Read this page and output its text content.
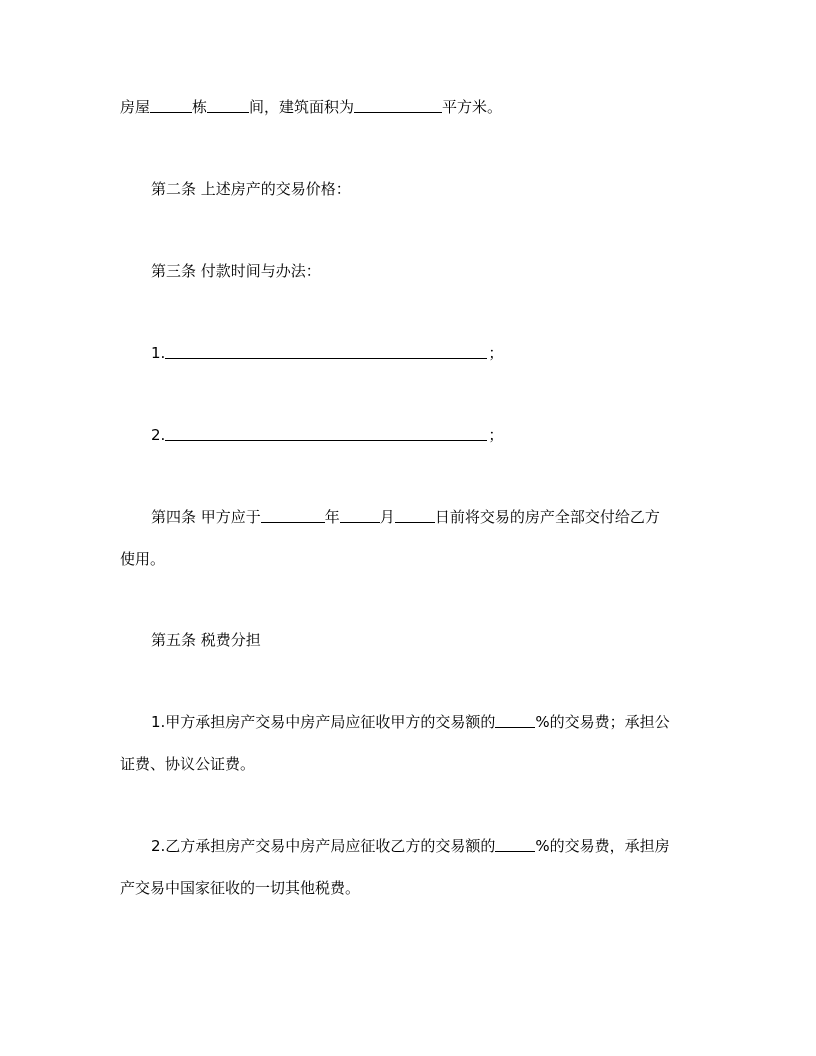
房屋	栋	间，建筑面积为	平方米。
第二条 上述房产的交易价格：
第三条 付款时间与办法：
1.	；
2.	；
第四条 甲方应于	年	月	日前将交易的房产全部交付给乙方
使用。
第五条 税费分担
1.甲方承担房产交易中房产局应征收甲方的交易额的	%的交易费；承担公
证费、协议公证费。
2.乙方承担房产交易中房产局应征收乙方的交易额的	%的交易费，承担房
产交易中国家征收的一切其他税费。
